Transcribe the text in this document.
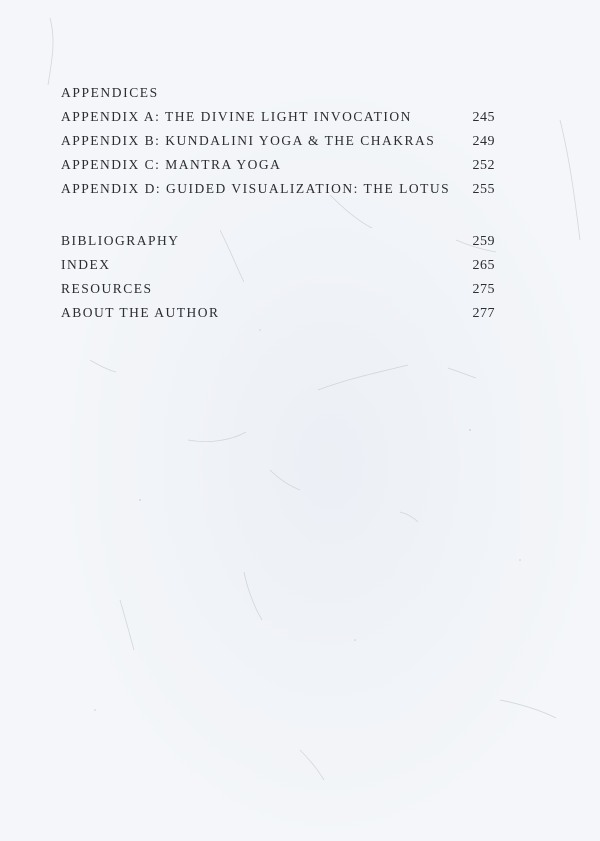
APPENDICES
APPENDIX A: THE DIVINE LIGHT INVOCATION	245
APPENDIX B: KUNDALINI YOGA & THE CHAKRAS	249
APPENDIX C: MANTRA YOGA	252
APPENDIX D: GUIDED VISUALIZATION: THE LOTUS	255
BIBLIOGRAPHY	259
INDEX	265
RESOURCES	275
ABOUT THE AUTHOR	277
